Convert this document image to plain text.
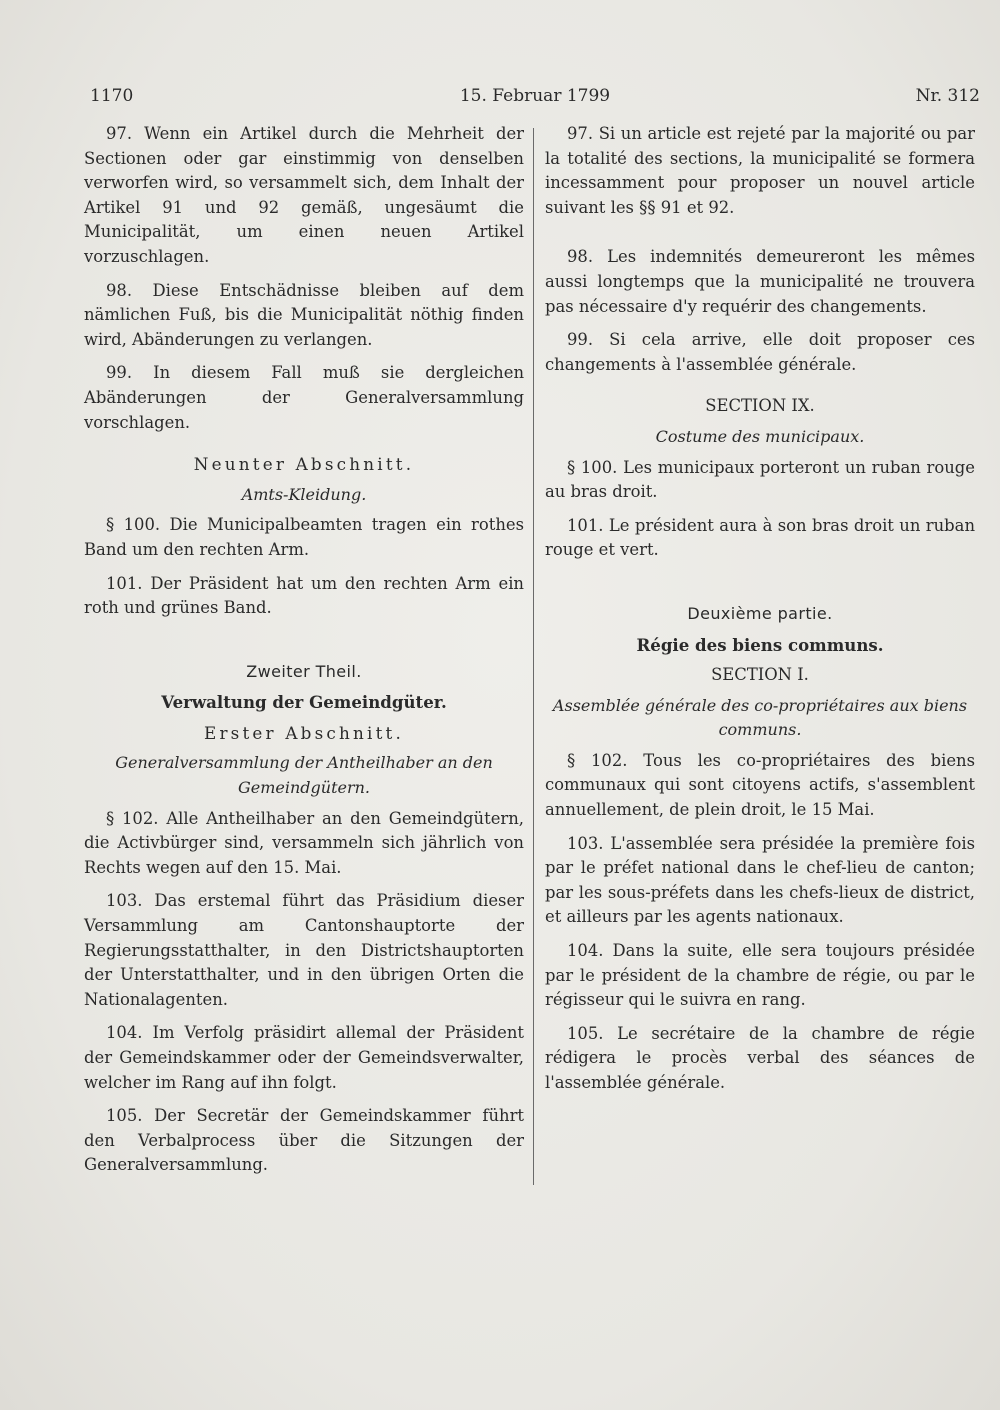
1170	15. Februar 1799	Nr. 312

97. Wenn ein Artikel durch die Mehrheit der Sectionen oder gar einstimmig von denselben verworfen wird, so versammelt sich, dem Inhalt der Artikel 91 und 92 gemäß, ungesäumt die Municipalität, um einen neuen Artikel vorzuschlagen.

98. Diese Entschädnisse bleiben auf dem nämlichen Fuß, bis die Municipalität nöthig finden wird, Abänderungen zu verlangen.

99. In diesem Fall muß sie dergleichen Abänderungen der Generalversammlung vorschlagen.

Neunter Abschnitt.

Amts-Kleidung.

§ 100. Die Municipalbeamten tragen ein rothes Band um den rechten Arm.

101. Der Präsident hat um den rechten Arm ein roth und grünes Band.

Zweiter Theil.

Verwaltung der Gemeindgüter.

Erster Abschnitt.

Generalversammlung der Antheilhaber an den Gemeindgütern.

§ 102. Alle Antheilhaber an den Gemeindgütern, die Activbürger sind, versammeln sich jährlich von Rechts wegen auf den 15. Mai.

103. Das erstemal führt das Präsidium dieser Versammlung am Cantonshauptorte der Regierungsstatthalter, in den Districtshauptorten der Unterstatthalter, und in den übrigen Orten die Nationalagenten.

104. Im Verfolg präsidirt allemal der Präsident der Gemeindskammer oder der Gemeindsverwalter, welcher im Rang auf ihn folgt.

105. Der Secretär der Gemeindskammer führt den Verbalprocess über die Sitzungen der Generalversammlung.

97. Si un article est rejeté par la majorité ou par la totalité des sections, la municipalité se formera incessamment pour proposer un nouvel article suivant les §§ 91 et 92.

98. Les indemnités demeureront les mêmes aussi longtemps que la municipalité ne trouvera pas nécessaire d'y requérir des changements.

99. Si cela arrive, elle doit proposer ces changements à l'assemblée générale.

SECTION IX.

Costume des municipaux.

§ 100. Les municipaux porteront un ruban rouge au bras droit.

101. Le président aura à son bras droit un ruban rouge et vert.

Deuxième partie.

Régie des biens communs.

SECTION I.

Assemblée générale des co-propriétaires aux biens communs.

§ 102. Tous les co-propriétaires des biens communaux qui sont citoyens actifs, s'assemblent annuellement, de plein droit, le 15 Mai.

103. L'assemblée sera présidée la première fois par le préfet national dans le chef-lieu de canton; par les sous-préfets dans les chefs-lieux de district, et ailleurs par les agents nationaux.

104. Dans la suite, elle sera toujours présidée par le président de la chambre de régie, ou par le régisseur qui le suivra en rang.

105. Le secrétaire de la chambre de régie rédigera le procès verbal des séances de l'assemblée générale.
